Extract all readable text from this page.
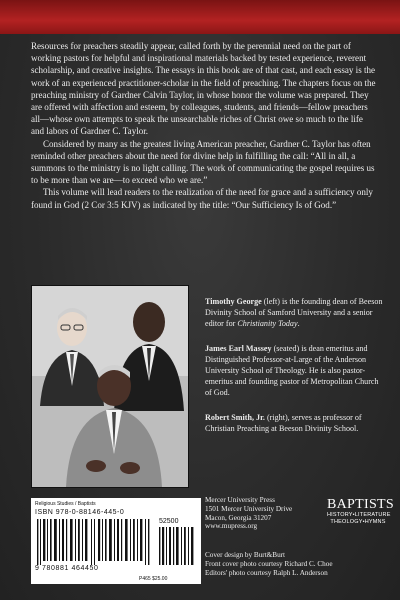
Resources for preachers steadily appear, called forth by the perennial need on the part of working pastors for helpful and inspirational materials backed by tested experience, reverent scholarship, and creative insights. The essays in this book are of that cast, and each essay is the work of an experienced practitioner-scholar in the field of preaching. The chapters focus on the preaching ministry of Gardner Calvin Taylor, in whose honor the volume was prepared. They are offered with affection and esteem, by colleagues, students, and friends—fellow preachers all—whose own attempts to speak the unsearchable riches of Christ owe so much to the life and labors of Gardner C. Taylor.

Considered by many as the greatest living American preacher, Gardner C. Taylor has often reminded other preachers about the need for divine help in fulfilling the call: “All in all, a summons to the ministry is no light calling. The work of communicating the gospel requires us to be more than we are—to exceed who we are.”

This volume will lead readers to the realization of the need for grace and a sufficiency only found in God (2 Cor 3:5 KJV) as indicated by the title: “Our Sufficiency Is of God.”

Timothy George (left) is the founding dean of Beeson Divinity School of Samford University and a senior editor for Christianity Today.

James Earl Massey (seated) is dean emeritus and Distinguished Professor-at-Large of the Anderson University School of Theology. He is also pastor-emeritus and founding pastor of Metropolitan Church of God.

Robert Smith, Jr. (right), serves as professor of Christian Preaching at Beeson Divinity School.

Religious Studies / Baptists
ISBN 978-0-88146-445-0
52500
9 780881 464450
P465 $25.00
Mercer University Press
1501 Mercer University Drive
Macon, Georgia 31207
www.mupress.org
BAPTISTS
HISTORY•LITERATURE
THEOLOGY•HYMNS
Cover design by Burt&Burt
Front cover photo courtesy Richard C. Choe
Editors' photo courtesy Ralph L. Anderson
